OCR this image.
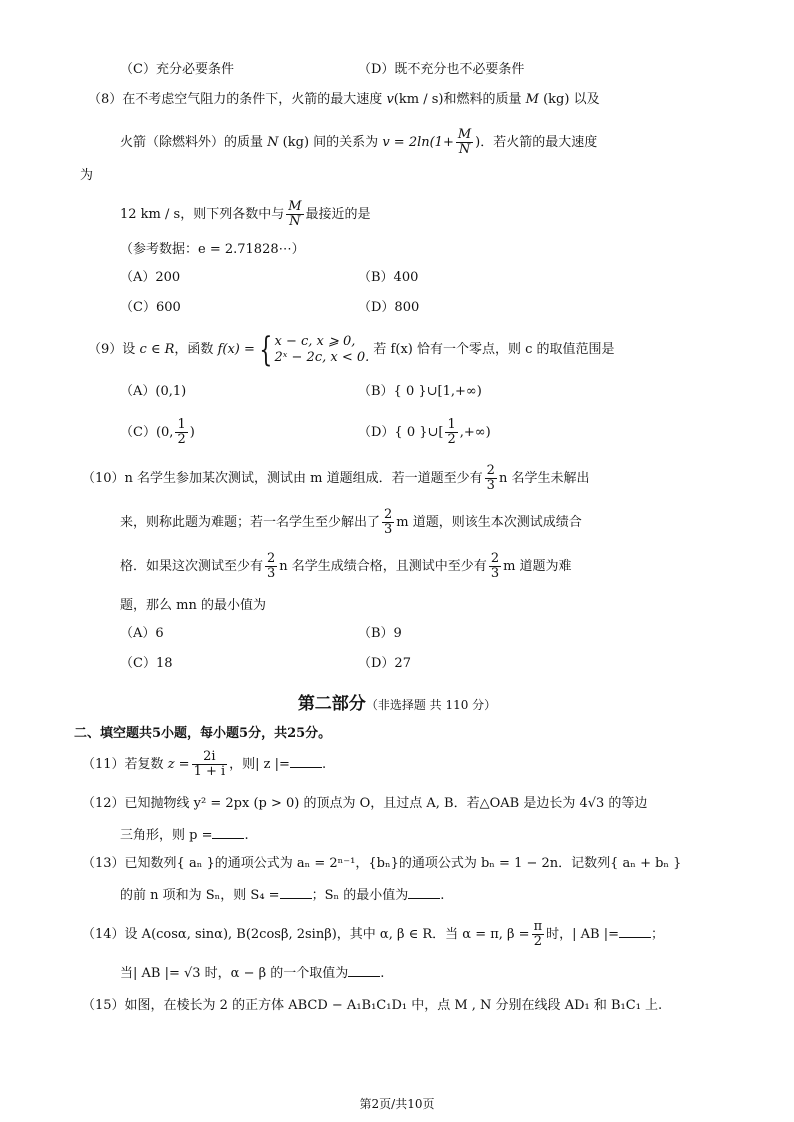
（C）充分必要条件	（D）既不充分也不必要条件
（8）在不考虑空气阻力的条件下，火箭的最大速度 v(km / s)和燃料的质量 M (kg) 以及
火箭（除燃料外）的质量 N (kg) 间的关系为 $v = 2\ln(1+ \frac{M}{N}$ )．若火箭的最大速度
为
12 km / s，则下列各数中与 $\frac{M}{N}$ 最接近的是
（参考数据：e = 2.71828⋯）
（A）200	（B）400
（C）600	（D）800
（9）设 c ∈ R，函数 f(x) = { x − c, x ⩾ 0,
2ˣ − 2c, x < 0. 若 f(x) 恰有一个零点，则 c 的取值范围是
（A）(0,1)	（B）{ 0 }∪[1,+∞)
（C）(0, $\frac{1}{2}$ )	（D）{ 0 }∪[ $\frac{1}{2}$ ,+∞)
（10）n 名学生参加某次测试，测试由 m 道题组成．若一道题至少有 $\frac{2}{3}$ n 名学生未解出
来，则称此题为难题；若一名学生至少解出了 $\frac{2}{3}$ m 道题，则该生本次测试成绩合
格．如果这次测试至少有 $\frac{2}{3}$ n 名学生成绩合格，且测试中至少有 $\frac{2}{3}$ m 道题为难
题，那么 mn 的最小值为
（A）6	（B）9
（C）18	（D）27
第二部分（非选择题 共 110 分）
二、填空题共5小题，每小题5分，共25分。
（11）若复数 $z = \frac{2i}{1 + i}$ ，则| z |= .
（12）已知抛物线 y² = 2px (p > 0) 的顶点为 O，且过点 A, B．若△OAB 是边长为 4√3 的等边
三角形，则 p = .
（13）已知数列{ aₙ }的通项公式为 aₙ = 2ⁿ⁻¹，{bₙ}的通项公式为 bₙ = 1 − 2n．记数列{ aₙ + bₙ }
的前 n 项和为 Sₙ，则 S₄ = ；Sₙ 的最小值为 .
（14）设 A(cosα, sinα), B(2cosβ, 2sinβ)，其中 α, β ∈ R．当 α = π, $\beta = \frac{\pi}{2}$ 时，| AB |= ；
当| AB |= √3 时，α − β 的一个取值为 .
（15）如图，在棱长为 2 的正方体 ABCD − A₁B₁C₁D₁ 中，点 M , N 分别在线段 AD₁ 和 B₁C₁ 上.
第2页/共10页
